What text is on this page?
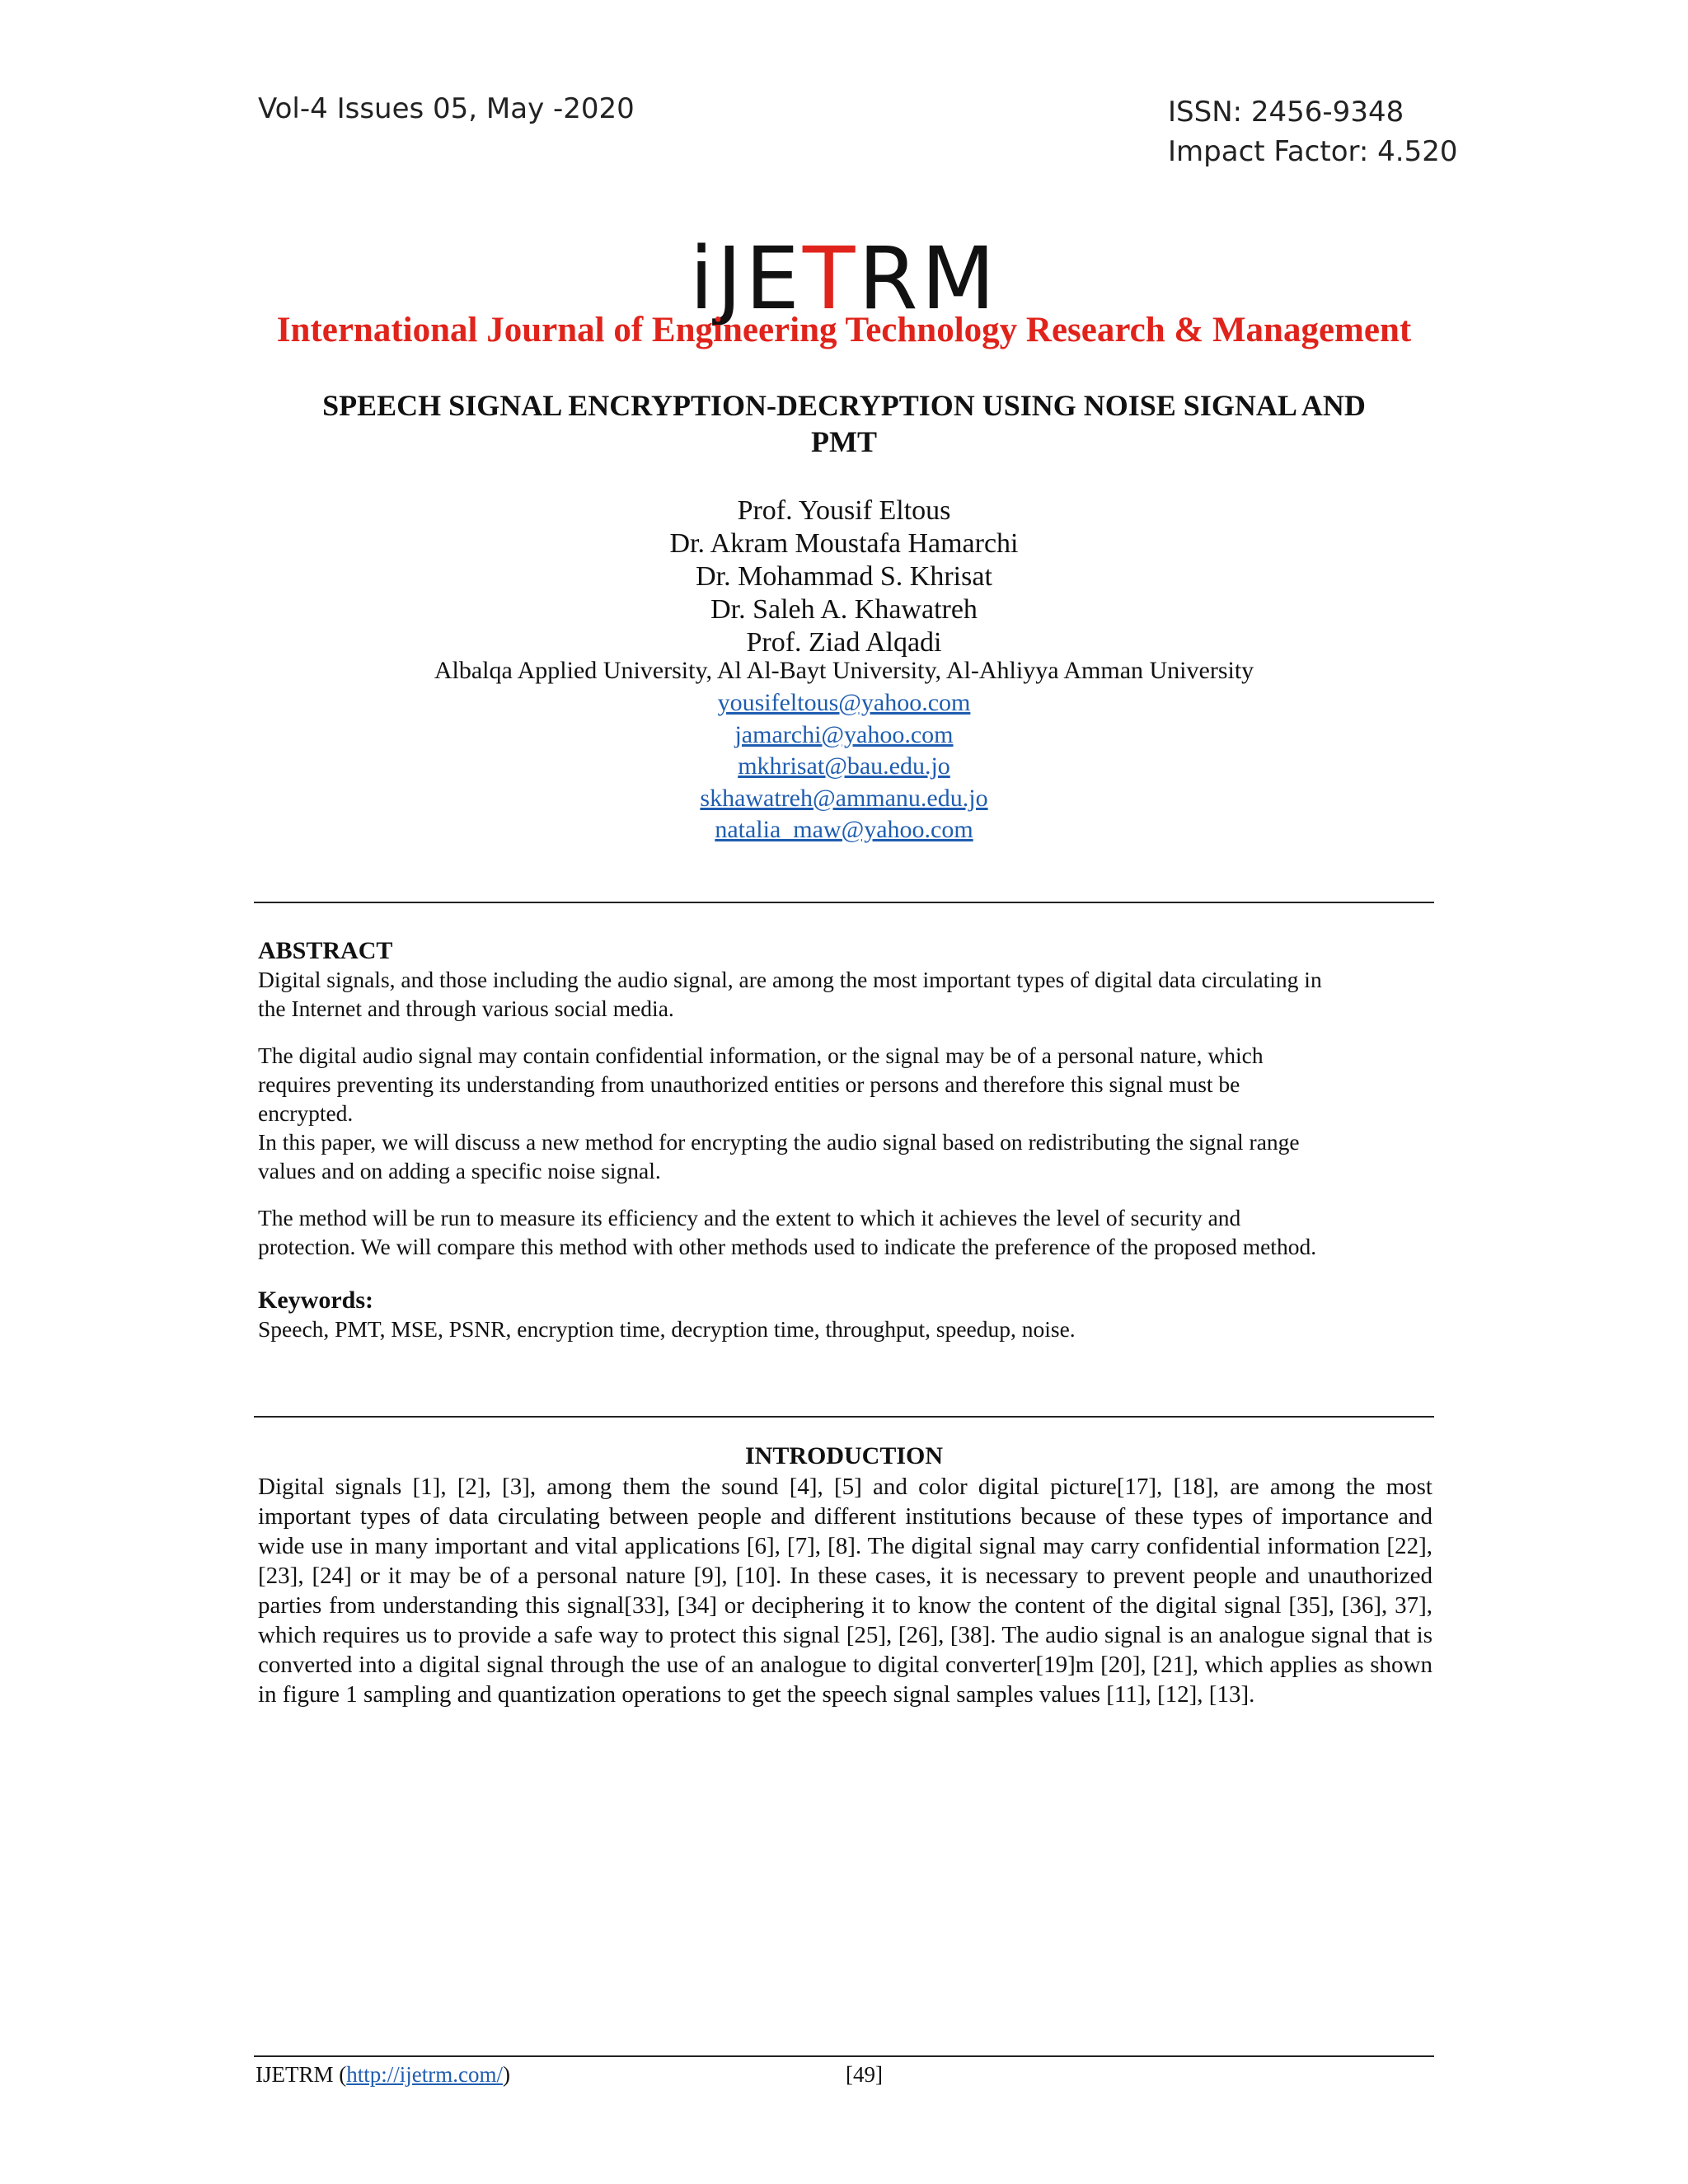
Vol-4 Issues 05, May -2020	ISSN: 2456-9348
Impact Factor: 4.520
iJETRM
International Journal of Engineering Technology Research & Management
SPEECH SIGNAL ENCRYPTION-DECRYPTION USING NOISE SIGNAL AND
PMT
Prof. Yousif Eltous
Dr. Akram Moustafa Hamarchi
Dr. Mohammad S. Khrisat
Dr. Saleh A. Khawatreh
Prof. Ziad Alqadi
Albalqa Applied University, Al Al-Bayt University, Al-Ahliyya Amman University
yousifeltous@yahoo.com
jamarchi@yahoo.com
mkhrisat@bau.edu.jo
skhawatreh@ammanu.edu.jo
natalia_maw@yahoo.com
ABSTRACT
Digital signals, and those including the audio signal, are among the most important types of digital data circulating in
the Internet and through various social media.
The digital audio signal may contain confidential information, or the signal may be of a personal nature, which
requires preventing its understanding from unauthorized entities or persons and therefore this signal must be
encrypted.
In this paper, we will discuss a new method for encrypting the audio signal based on redistributing the signal range
values and on adding a specific noise signal.
The method will be run to measure its efficiency and the extent to which it achieves the level of security and
protection. We will compare this method with other methods used to indicate the preference of the proposed method.
Keywords:
Speech, PMT, MSE, PSNR, encryption time, decryption time, throughput, speedup, noise.
INTRODUCTION
Digital signals [1], [2], [3], among them the sound [4], [5] and color digital picture[17], [18], are among the most important types of data circulating between people and different institutions because of these types of importance and wide use in many important and vital applications [6], [7], [8]. The digital signal may carry confidential information [22], [23], [24] or it may be of a personal nature [9], [10]. In these cases, it is necessary to prevent people and unauthorized parties from understanding this signal[33], [34] or deciphering it to know the content of the digital signal [35], [36], 37], which requires us to provide a safe way to protect this signal [25], [26], [38]. The audio signal is an analogue signal that is converted into a digital signal through the use of an analogue to digital converter[19]m [20], [21], which applies as shown in figure 1 sampling and quantization operations to get the speech signal samples values [11], [12], [13].
IJETRM (http://ijetrm.com/)	[49]
